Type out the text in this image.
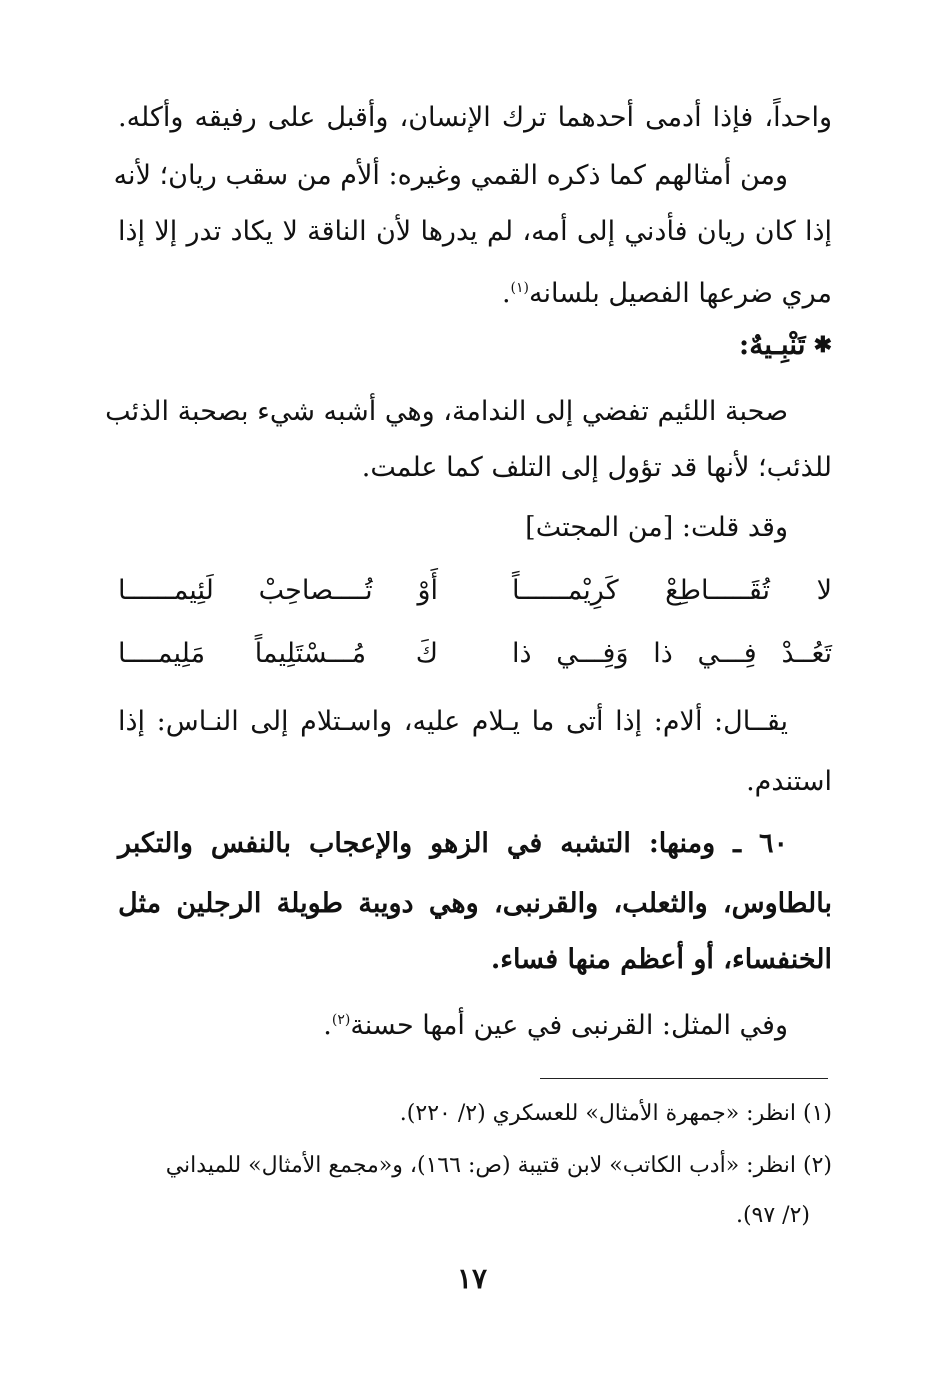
واحداً، فإذا أدمى أحدهما ترك الإنسان، وأقبل على رفيقه وأكله.
ومن أمثالهم كما ذكره القمي وغيره: ألأم من سقب ريان؛ لأنه
إذا كان ريان فأدني إلى أمه، لم يدرها لأن الناقة لا يكاد تدر إلا إذا
مري ضرعها الفصيل بلسانه$^{(١)}$.
✱تَنْبِـيهٌ:
صحبة اللئيم تفضي إلى الندامة، وهي أشبه شيء بصحبة الذئب
للذئب؛ لأنها قد تؤول إلى التلف كما علمت.
وقد قلت: [من المجتث]
لا تُقَـــــاطِعْ كَرِيْمــــــاً
أَوْ تُــــصاحِبْ لَئِيمــــــا
تَعُــدْ فِـــي ذا وَفِـــي ذا
كَ مُـــسْتَلِيماً مَلِيمــــا
يقــال: ألام: إذا أتى ما يـلام عليه، واسـتلام إلى النـاس: إذا
استندم.
٦٠ ـ ومنها: التشبه في الزهو والإعجاب بالنفس والتكبر
بالطاوس، والثعلب، والقرنبى، وهي دويبة طويلة الرجلين مثل
الخنفساء، أو أعظم منها فساء.
وفي المثل: القرنبى في عين أمها حسنة$^{(٢)}$.
(١) انظر: «جمهرة الأمثال» للعسكري (٢/ ٢٢٠).
(٢) انظر: «أدب الكاتب» لابن قتيبة (ص: ١٦٦)، و«مجمع الأمثال» للميداني
(٢/ ٩٧).
١٧
